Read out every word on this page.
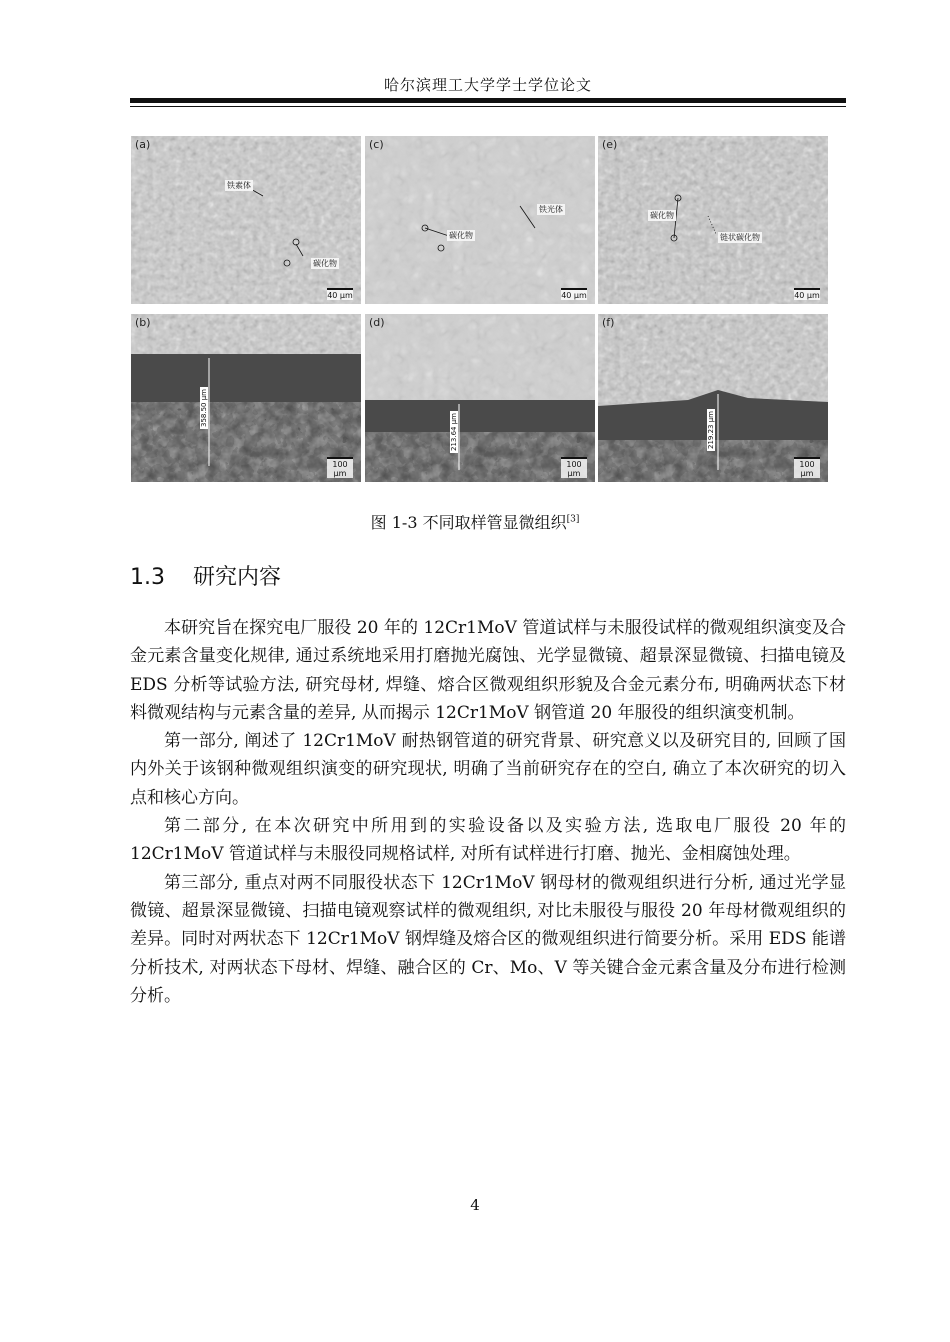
哈尔滨理工大学学士学位论文
(a)
铁素体
碳化物
40 μm
(c)
碳化物
铁光体
40 μm
(e)
碳化物
链状碳化物
40 μm
(b)
358.50 μm
100 μm
(d)
213.64 μm
100 μm
(f)
219.23 μm
100 μm
图 1-3 不同取样管显微组织[3]
1.3 研究内容

本研究旨在探究电厂服役 20 年的 12Cr1MoV 管道试样与未服役试样的微观组织演变及合金元素含量变化规律, 通过系统地采用打磨抛光腐蚀、光学显微镜、超景深显微镜、扫描电镜及 EDS 分析等试验方法, 研究母材, 焊缝、熔合区微观组织形貌及合金元素分布, 明确两状态下材料微观结构与元素含量的差异, 从而揭示 12Cr1MoV 钢管道 20 年服役的组织演变机制。

第一部分, 阐述了 12Cr1MoV 耐热钢管道的研究背景、研究意义以及研究目的, 回顾了国内外关于该钢种微观组织演变的研究现状, 明确了当前研究存在的空白, 确立了本次研究的切入点和核心方向。

第二部分, 在本次研究中所用到的实验设备以及实验方法, 选取电厂服役 20 年的 12Cr1MoV 管道试样与未服役同规格试样, 对所有试样进行打磨、抛光、金相腐蚀处理。

第三部分, 重点对两不同服役状态下 12Cr1MoV 钢母材的微观组织进行分析, 通过光学显微镜、超景深显微镜、扫描电镜观察试样的微观组织, 对比未服役与服役 20 年母材微观组织的差异。同时对两状态下 12Cr1MoV 钢焊缝及熔合区的微观组织进行简要分析。采用 EDS 能谱分析技术, 对两状态下母材、焊缝、融合区的 Cr、Mo、V 等关键合金元素含量及分布进行检测分析。

4
